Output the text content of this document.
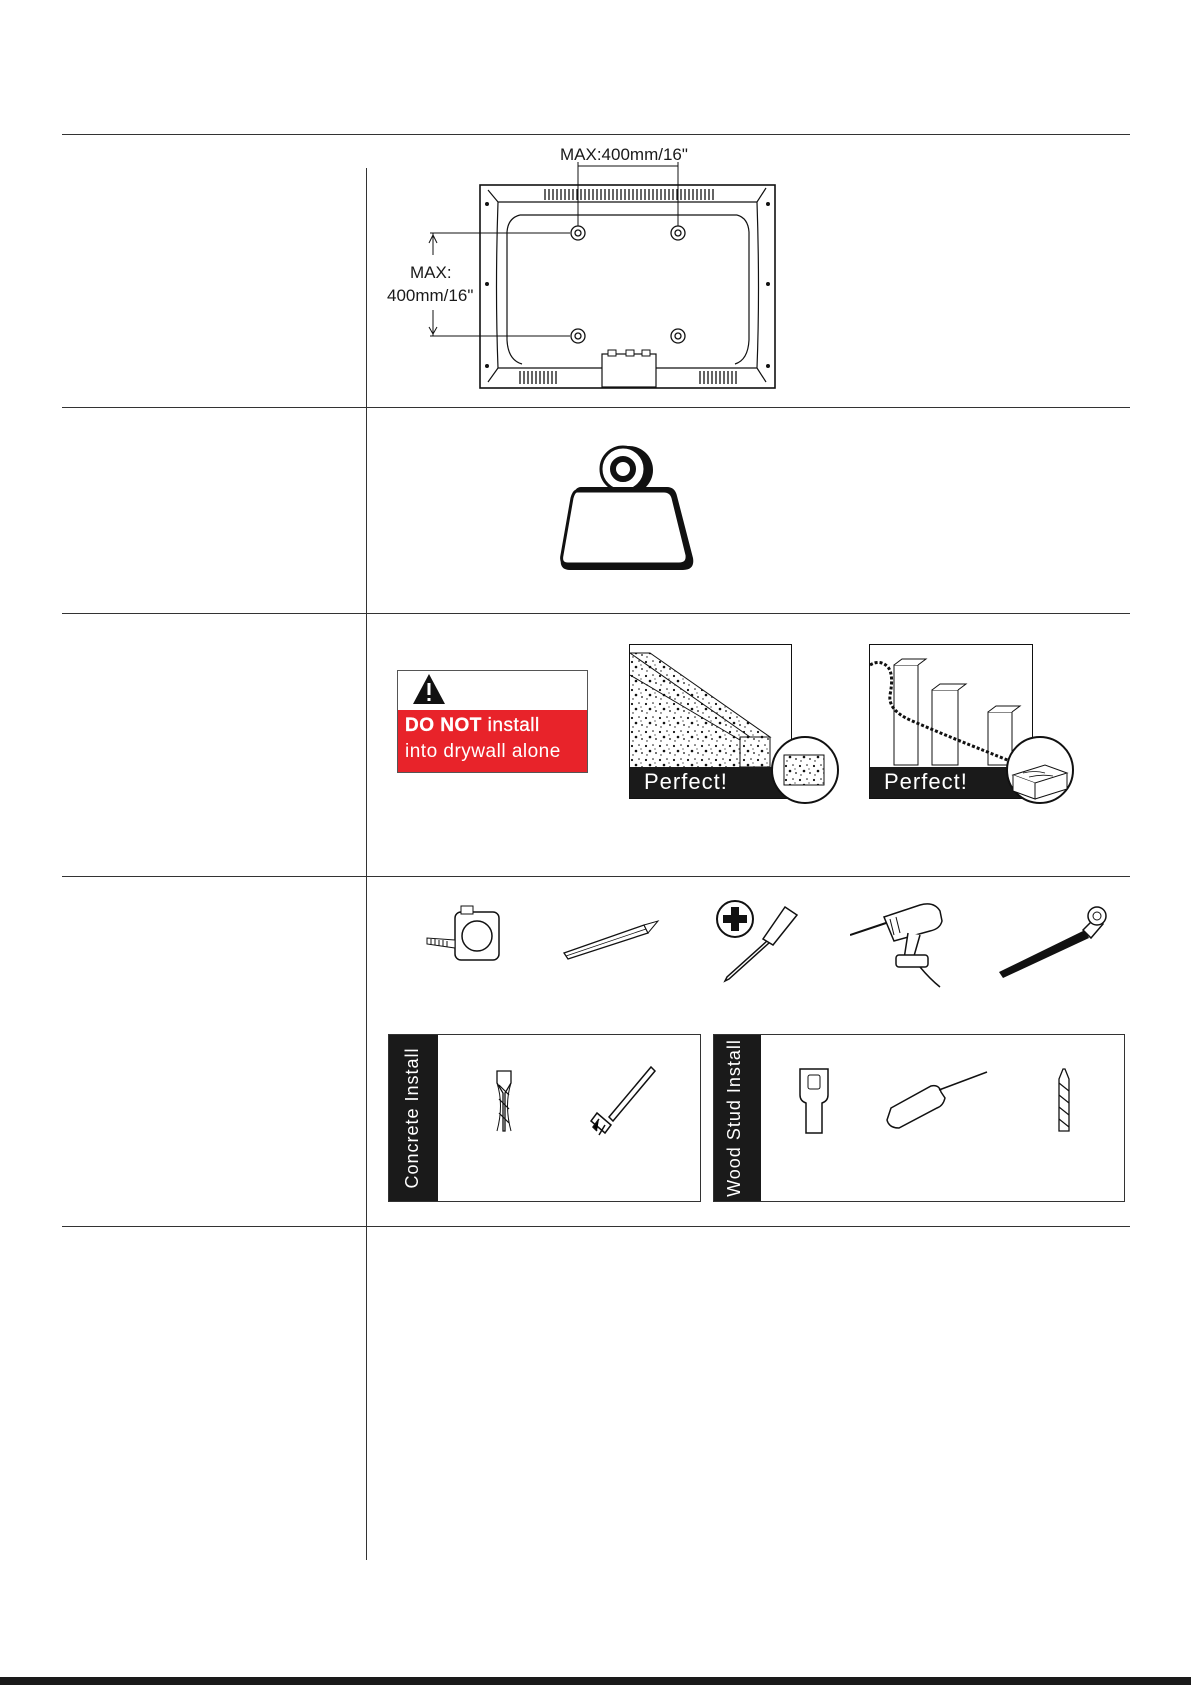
MAX:400mm/16"
MAX:
400mm/16"
DO NOT install
into drywall alone
Perfect!	Perfect!
Concrete Install	Wood Stud Install
